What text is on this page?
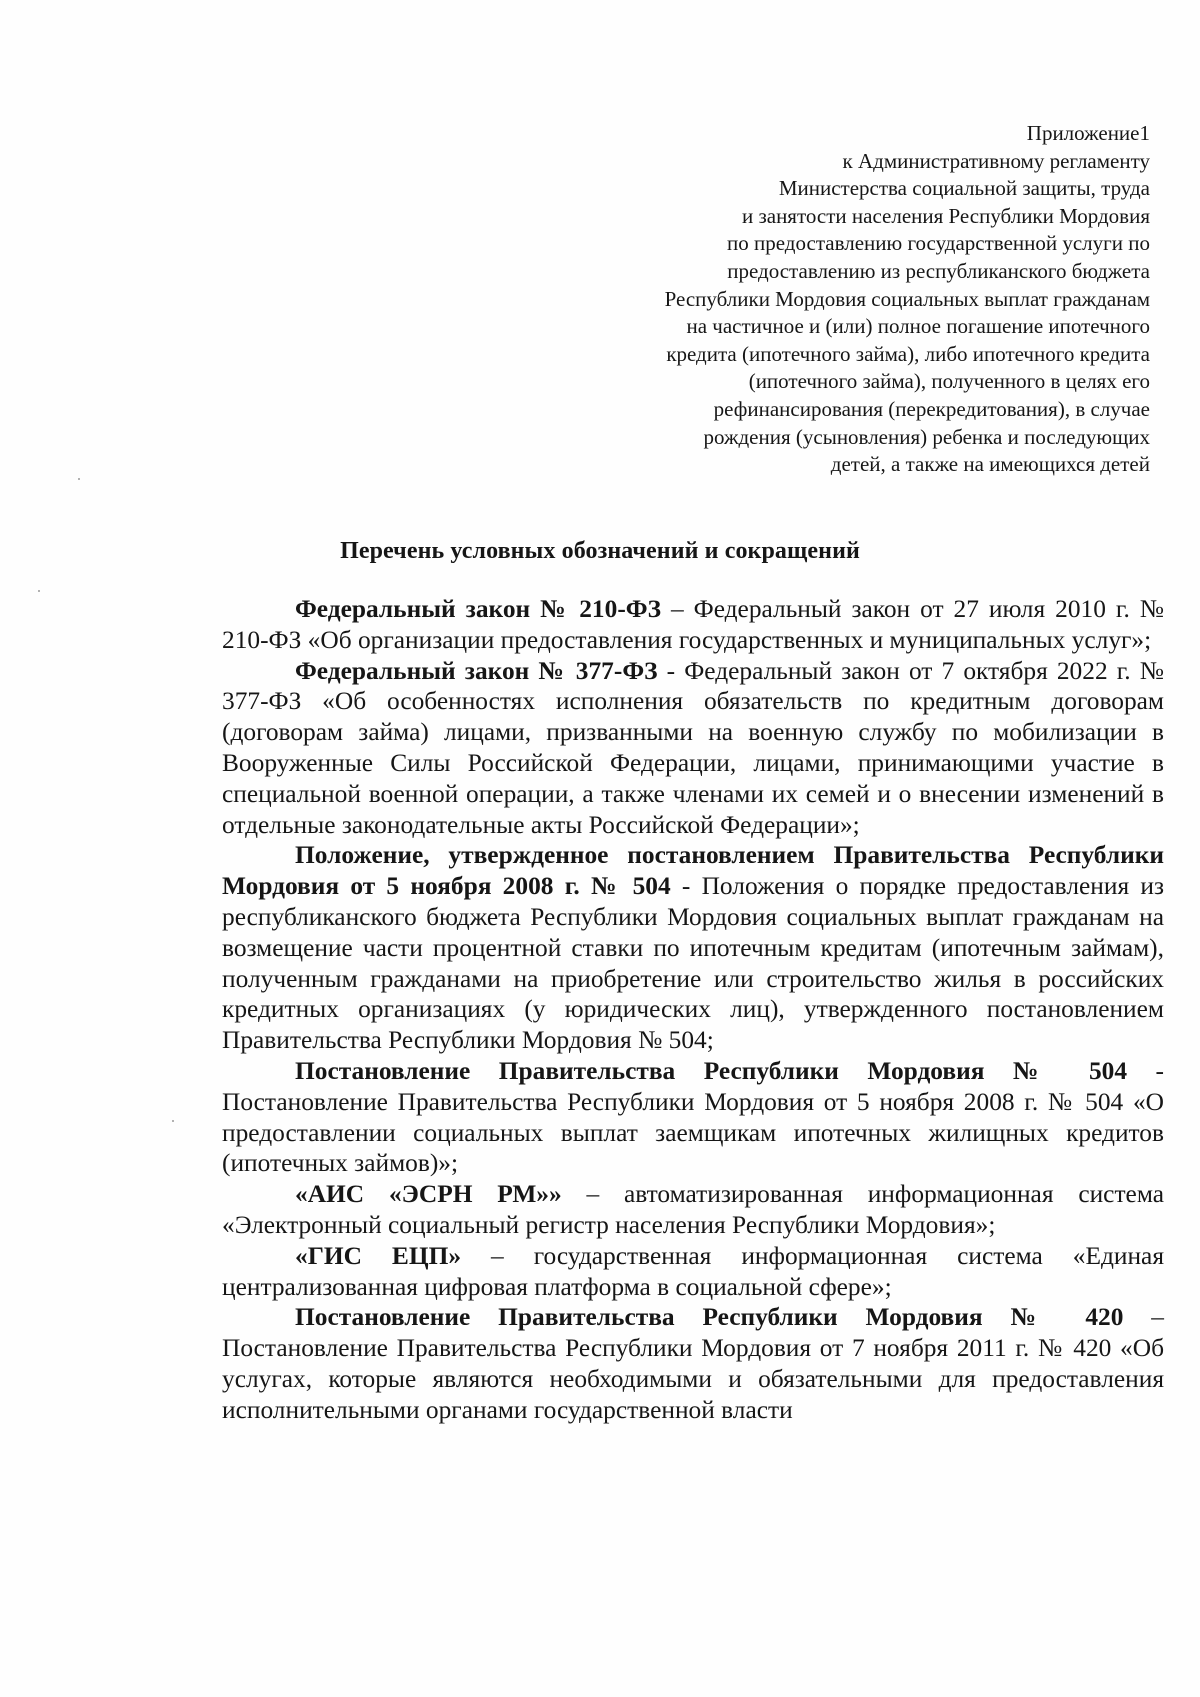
Приложение1
к Административному регламенту
Министерства социальной защиты, труда
и занятости населения Республики Мордовия
по предоставлению государственной услуги по
предоставлению из республиканского бюджета
Республики Мордовия социальных выплат гражданам
на частичное и (или) полное погашение ипотечного
кредита (ипотечного займа), либо ипотечного кредита
(ипотечного займа), полученного в целях его
рефинансирования (перекредитования), в случае
рождения (усыновления) ребенка и последующих
детей, а также на имеющихся детей
Перечень условных обозначений и сокращений

Федеральный закон № 210-ФЗ – Федеральный закон от 27 июля 2010 г. № 210-ФЗ «Об организации предоставления государственных и муниципальных услуг»;

Федеральный закон № 377-ФЗ - Федеральный закон от 7 октября 2022 г. № 377-ФЗ «Об особенностях исполнения обязательств по кредитным договорам (договорам займа) лицами, призванными на военную службу по мобилизации в Вооруженные Силы Российской Федерации, лицами, принимающими участие в специальной военной операции, а также членами их семей и о внесении изменений в отдельные законодательные акты Российской Федерации»;

Положение, утвержденное постановлением Правительства Республики Мордовия от 5 ноября 2008 г. № 504 - Положения о порядке предоставления из республиканского бюджета Республики Мордовия социальных выплат гражданам на возмещение части процентной ставки по ипотечным кредитам (ипотечным займам), полученным гражданами на приобретение или строительство жилья в российских кредитных организациях (у юридических лиц), утвержденного постановлением Правительства Республики Мордовия № 504;

Постановление Правительства Республики Мордовия № 504 - Постановление Правительства Республики Мордовия от 5 ноября 2008 г. № 504 «О предоставлении социальных выплат заемщикам ипотечных жилищных кредитов (ипотечных займов)»;

«АИС «ЭСРН РМ»» – автоматизированная информационная система «Электронный социальный регистр населения Республики Мордовия»;

«ГИС ЕЦП» – государственная информационная система «Единая централизованная цифровая платформа в социальной сфере»;

Постановление Правительства Республики Мордовия № 420 – Постановление Правительства Республики Мордовия от 7 ноября 2011 г. № 420 «Об услугах, которые являются необходимыми и обязательными для предоставления исполнительными органами государственной власти
